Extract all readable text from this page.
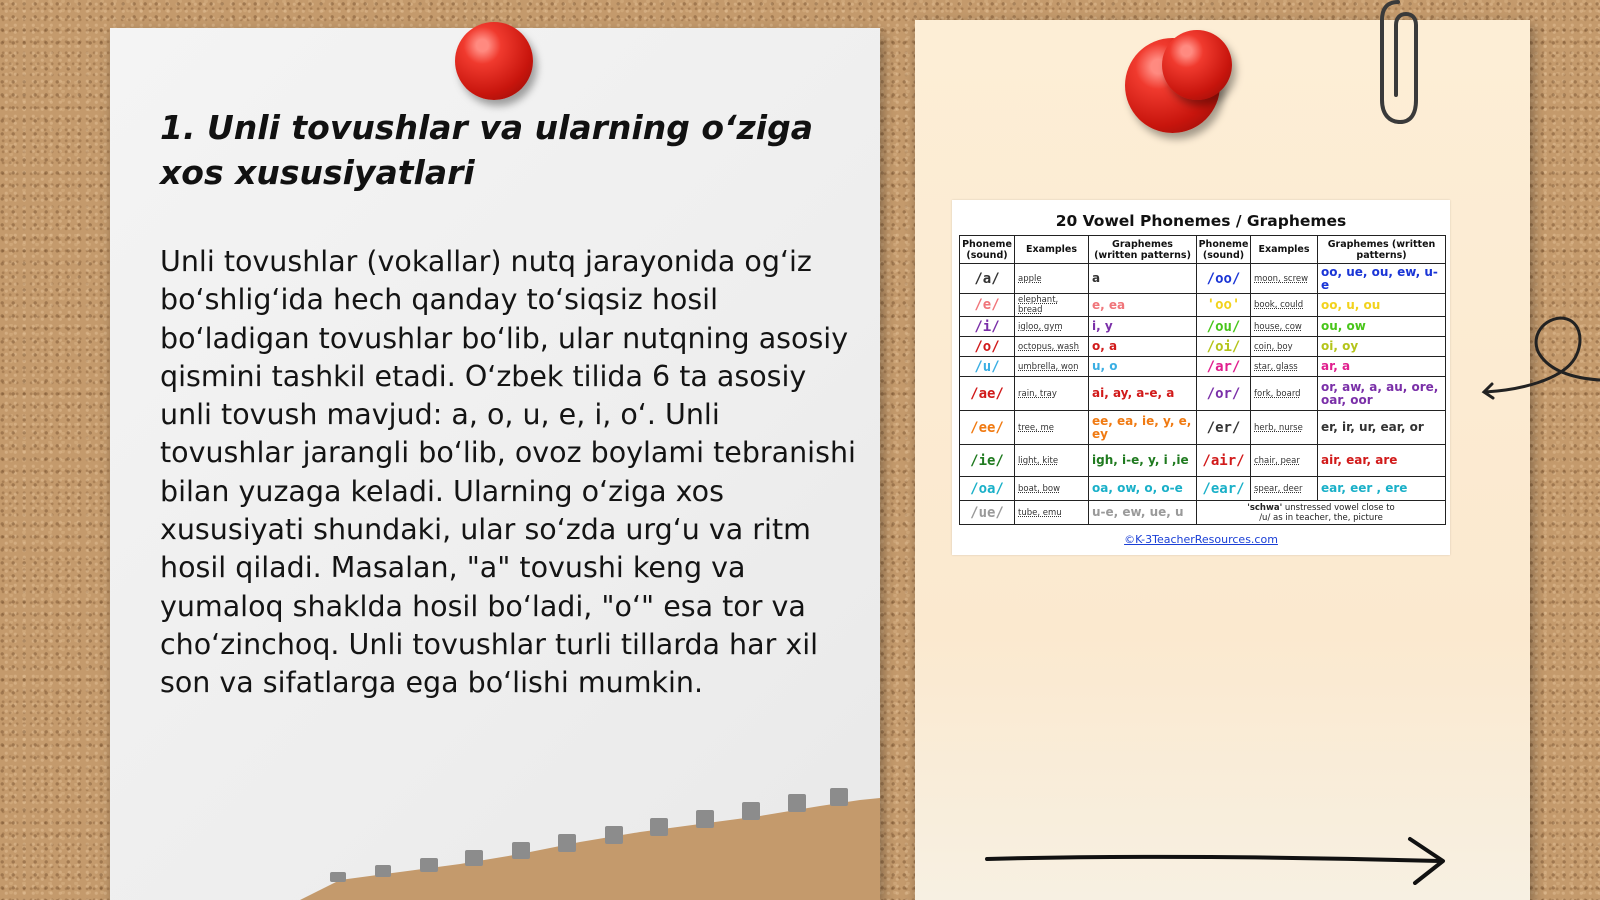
1. Unli tovushlar va ularning o‘ziga xos xususiyatlari

Unli tovushlar (vokallar) nutq jarayonida og‘iz bo‘shlig‘ida hech qanday to‘siqsiz hosil bo‘ladigan tovushlar bo‘lib, ular nutqning asosiy qismini tashkil etadi. O‘zbek tilida 6 ta asosiy unli tovush mavjud: a, o, u, e, i, o‘. Unli tovushlar jarangli bo‘lib, ovoz boylami tebranishi bilan yuzaga keladi. Ularning o‘ziga xos xususiyati shundaki, ular so‘zda urg‘u va ritm hosil qiladi. Masalan, "a" tovushi keng va yumaloq shaklda hosil bo‘ladi, "o‘" esa tor va cho‘zinchoq. Unli tovushlar turli tillarda har xil son va sifatlarga ega bo‘lishi mumkin.

20 Vowel Phonemes / Graphemes
Phoneme (sound)	Examples	Graphemes (written patterns)	Phoneme (sound)	Examples	Graphemes (written patterns)
/a/	apple	a	/oo/	moon, screw	oo, ue, ou, ew, u-e
/e/	elephant, bread	e, ea	'oo'	book, could	oo, u, ou
/i/	igloo, gym	i, y	/ou/	house, cow	ou, ow
/o/	octopus, wash	o, a	/oi/	coin, boy	oi, oy
/u/	umbrella, won	u, o	/ar/	star, glass	ar, a
/ae/	rain, tray	ai, ay, a-e, a	/or/	fork, board	or, aw, a, au, ore, oar, oor
/ee/	tree, me	ee, ea, ie, y, e, ey	/er/	herb, nurse	er, ir, ur, ear, or
/ie/	light, kite	igh, i-e, y, i ,ie	/air/	chair, pear	air, ear, are
/oa/	boat, bow	oa, ow, o, o-e	/ear/	spear, deer	ear, eer , ere
/ue/	tube, emu	u-e, ew, ue, u	'schwa' unstressed vowel close to
/u/ as in teacher, the, picture		
©K-3TeacherResources.com
